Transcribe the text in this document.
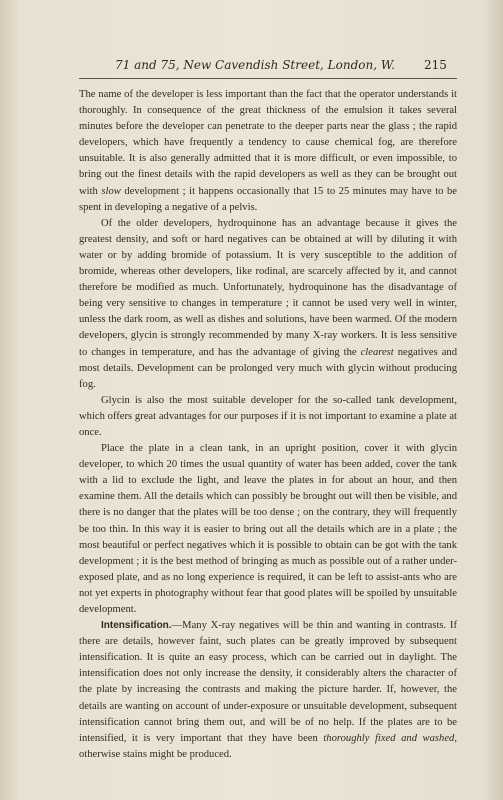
71 and 75, New Cavendish Street, London, W. 215

The name of the developer is less important than the fact that the operator understands it thoroughly. In consequence of the great thickness of the emulsion it takes several minutes before the developer can penetrate to the deeper parts near the glass ; the rapid developers, which have frequently a tendency to cause chemical fog, are therefore unsuitable. It is also generally admitted that it is more difficult, or even impossible, to bring out the finest details with the rapid developers as well as they can be brought out with slow development ; it happens occasionally that 15 to 25 minutes may have to be spent in developing a negative of a pelvis.

Of the older developers, hydroquinone has an advantage because it gives the greatest density, and soft or hard negatives can be obtained at will by diluting it with water or by adding bromide of potassium. It is very susceptible to the addition of bromide, whereas other developers, like rodinal, are scarcely affected by it, and cannot therefore be modified as much. Unfortunately, hydroquinone has the disadvantage of being very sensitive to changes in temperature ; it cannot be used very well in winter, unless the dark room, as well as dishes and solutions, have been warmed. Of the modern developers, glycin is strongly recommended by many X-ray workers. It is less sensitive to changes in temperature, and has the advantage of giving the clearest negatives and most details. Development can be prolonged very much with glycin without producing fog.

Glycin is also the most suitable developer for the so-called tank development, which offers great advantages for our purposes if it is not important to examine a plate at once.

Place the plate in a clean tank, in an upright position, cover it with glycin developer, to which 20 times the usual quantity of water has been added, cover the tank with a lid to exclude the light, and leave the plates in for about an hour, and then examine them. All the details which can possibly be brought out will then be visible, and there is no danger that the plates will be too dense ; on the contrary, they will frequently be too thin. In this way it is easier to bring out all the details which are in a plate ; the most beautiful or perfect negatives which it is possible to obtain can be got with the tank development ; it is the best method of bringing as much as possible out of a rather under-exposed plate, and as no long experience is required, it can be left to assist-ants who are not yet experts in photography without fear that good plates will be spoiled by unsuitable development.

Intensification.—Many X-ray negatives will be thin and wanting in contrasts. If there are details, however faint, such plates can be greatly improved by subsequent intensification. It is quite an easy process, which can be carried out in daylight. The intensification does not only increase the density, it considerably alters the character of the plate by increasing the contrasts and making the picture harder. If, however, the details are wanting on account of under-exposure or unsuitable development, subsequent intensification cannot bring them out, and will be of no help. If the plates are to be intensified, it is very important that they have been thoroughly fixed and washed, otherwise stains might be produced.
